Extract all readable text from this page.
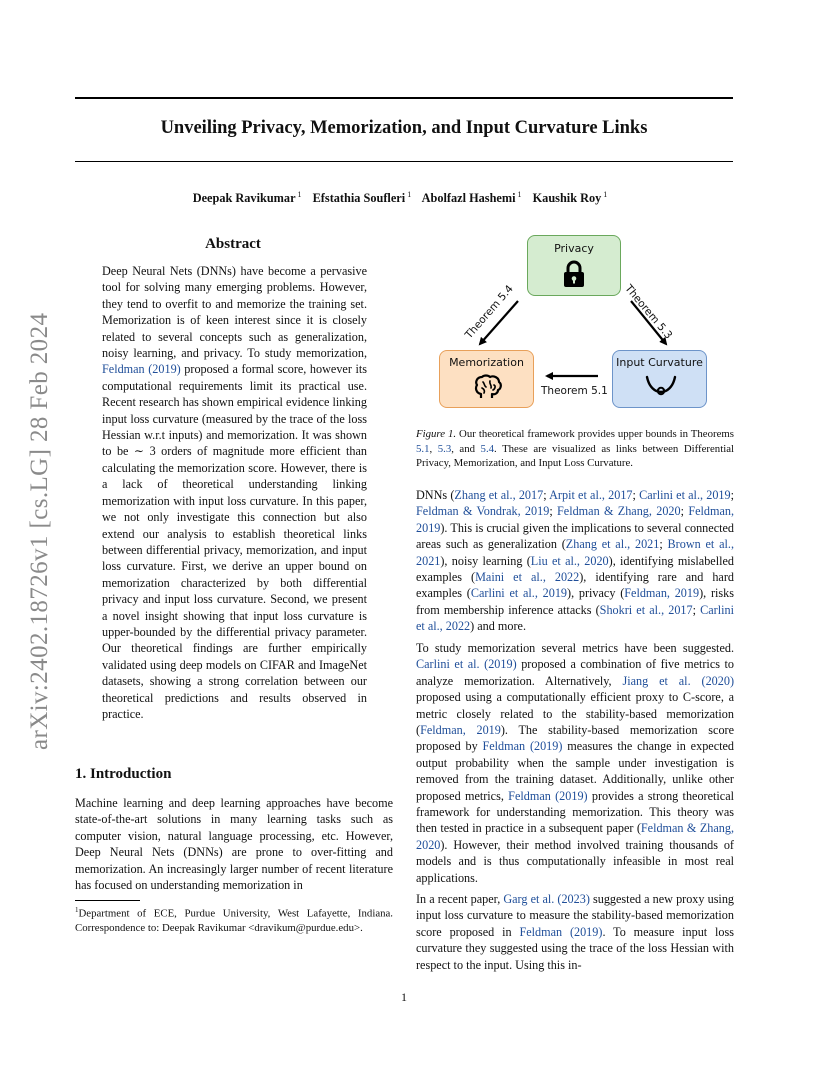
Unveiling Privacy, Memorization, and Input Curvature Links
Deepak Ravikumar $^1$ Efstathia Soufleri $^1$ Abolfazl Hashemi $^1$ Kaushik Roy $^1$
arXiv:2402.18726v1 [cs.LG] 28 Feb 2024
Abstract
Deep Neural Nets (DNNs) have become a pervasive tool for solving many emerging problems. However, they tend to overfit to and memorize the training set. Memorization is of keen interest since it is closely related to several concepts such as generalization, noisy learning, and privacy. To study memorization, Feldman (2019) proposed a formal score, however its computational requirements limit its practical use. Recent research has shown empirical evidence linking input loss curvature (measured by the trace of the loss Hessian w.r.t inputs) and memorization. It was shown to be ∼ 3 orders of magnitude more efficient than calculating the memorization score. However, there is a lack of theoretical understanding linking memorization with input loss curvature. In this paper, we not only investigate this connection but also extend our analysis to establish theoretical links between differential privacy, memorization, and input loss curvature. First, we derive an upper bound on memorization characterized by both differential privacy and input loss curvature. Second, we present a novel insight showing that input loss curvature is upper-bounded by the differential privacy parameter. Our theoretical findings are further empirically validated using deep models on CIFAR and ImageNet datasets, showing a strong correlation between our theoretical predictions and results observed in practice.
1. Introduction
Machine learning and deep learning approaches have become state-of-the-art solutions in many learning tasks such as computer vision, natural language processing, etc. However, Deep Neural Nets (DNNs) are prone to over-fitting and memorization. An increasingly larger number of recent literature has focused on understanding memorization in
$^1$Department of ECE, Purdue University, West Lafayette, Indiana. Correspondence to: Deepak Ravikumar <dravikum@purdue.edu>.
Privacy
Memorization	Input Curvature
Theorem 5.4	Theorem 5.3
Theorem 5.1
Figure 1. Our theoretical framework provides upper bounds in Theorems 5.1, 5.3, and 5.4. These are visualized as links between Differential Privacy, Memorization, and Input Loss Curvature.
DNNs (Zhang et al., 2017; Arpit et al., 2017; Carlini et al., 2019; Feldman & Vondrak, 2019; Feldman & Zhang, 2020; Feldman, 2019). This is crucial given the implications to several connected areas such as generalization (Zhang et al., 2021; Brown et al., 2021), noisy learning (Liu et al., 2020), identifying mislabelled examples (Maini et al., 2022), identifying rare and hard examples (Carlini et al., 2019), privacy (Feldman, 2019), risks from membership inference attacks (Shokri et al., 2017; Carlini et al., 2022) and more.
To study memorization several metrics have been suggested. Carlini et al. (2019) proposed a combination of five metrics to analyze memorization. Alternatively, Jiang et al. (2020) proposed using a computationally efficient proxy to C-score, a metric closely related to the stability-based memorization (Feldman, 2019). The stability-based memorization score proposed by Feldman (2019) measures the change in expected output probability when the sample under investigation is removed from the training dataset. Additionally, unlike other proposed metrics, Feldman (2019) provides a strong theoretical framework for understanding memorization. This theory was then tested in practice in a subsequent paper (Feldman & Zhang, 2020). However, their method involved training thousands of models and is thus computationally infeasible in most real applications.
In a recent paper, Garg et al. (2023) suggested a new proxy using input loss curvature to measure the stability-based memorization score proposed in Feldman (2019). To measure input loss curvature they suggested using the trace of the loss Hessian with respect to the input. Using this in-
1
